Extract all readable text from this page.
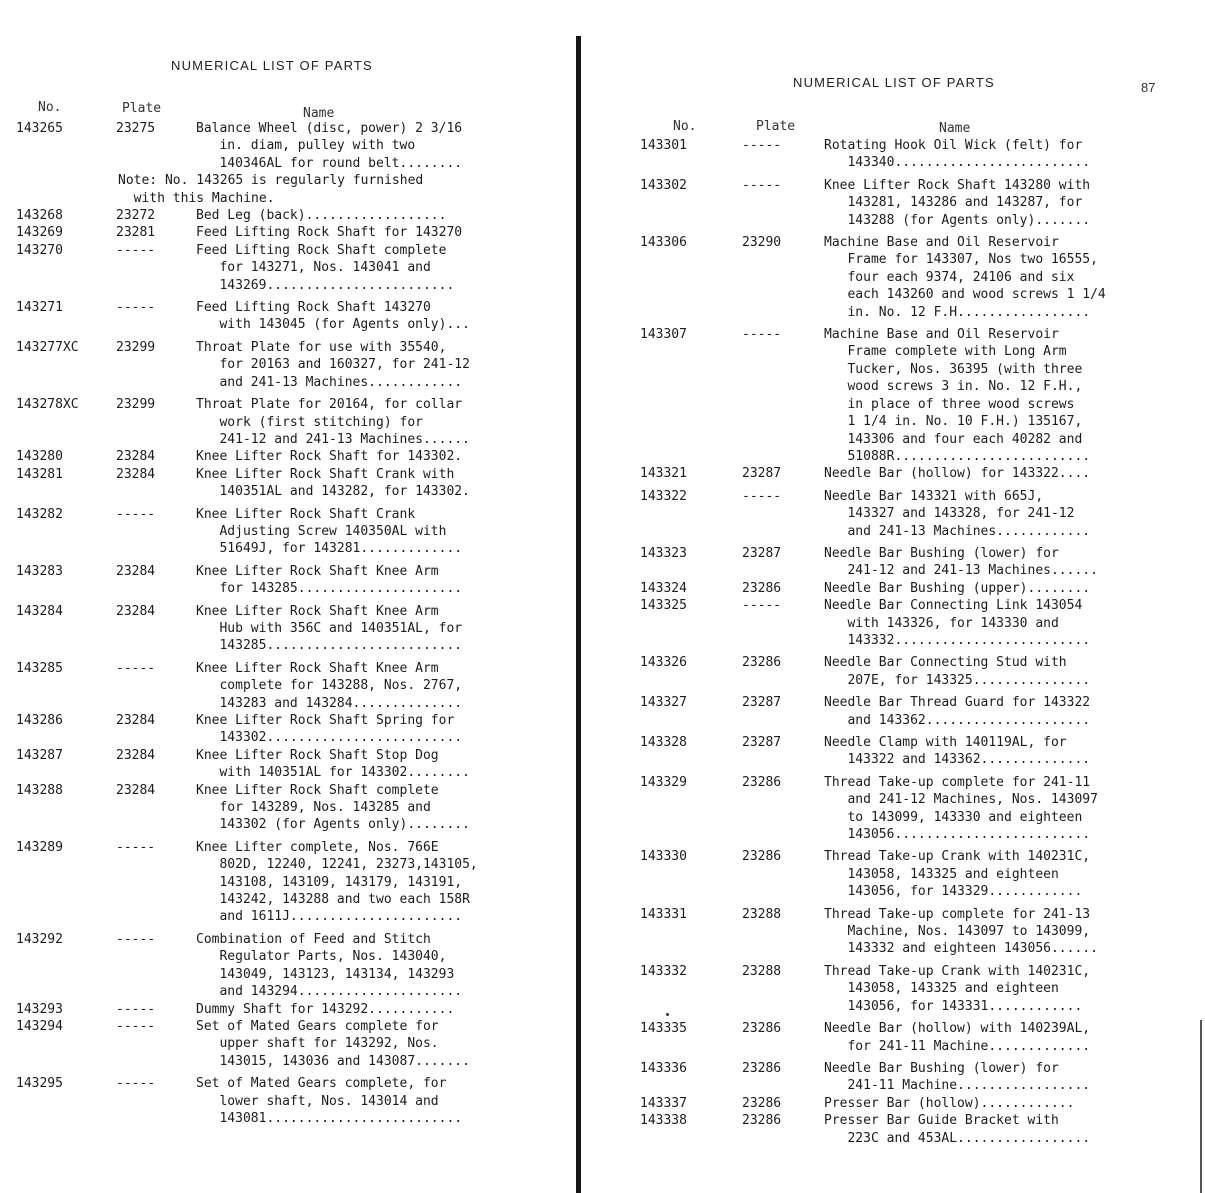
NUMERICAL LIST OF PARTS
No.	Plate	Name
143265	23275	Balance Wheel (disc, power) 2 3/16
in. diam, pulley with two
140346AL for round belt........
Note: No. 143265 is regularly furnished
with this Machine.
143268	23272	Bed Leg (back)..................
143269	23281	Feed Lifting Rock Shaft for 143270
143270	-----	Feed Lifting Rock Shaft complete
for 143271, Nos. 143041 and
143269........................
143271	-----	Feed Lifting Rock Shaft 143270
with 143045 (for Agents only)...
143277XC	23299	Throat Plate for use with 35540,
for 20163 and 160327, for 241-12
and 241-13 Machines............
143278XC	23299	Throat Plate for 20164, for collar
work (first stitching) for
241-12 and 241-13 Machines......
143280	23284	Knee Lifter Rock Shaft for 143302.
143281	23284	Knee Lifter Rock Shaft Crank with
140351AL and 143282, for 143302.
143282	-----	Knee Lifter Rock Shaft Crank
Adjusting Screw 140350AL with
51649J, for 143281.............
143283	23284	Knee Lifter Rock Shaft Knee Arm
for 143285.....................
143284	23284	Knee Lifter Rock Shaft Knee Arm
Hub with 356C and 140351AL, for
143285.........................
143285	-----	Knee Lifter Rock Shaft Knee Arm
complete for 143288, Nos. 2767,
143283 and 143284..............
143286	23284	Knee Lifter Rock Shaft Spring for
143302.........................
143287	23284	Knee Lifter Rock Shaft Stop Dog
with 140351AL for 143302........
143288	23284	Knee Lifter Rock Shaft complete
for 143289, Nos. 143285 and
143302 (for Agents only)........
143289	-----	Knee Lifter complete, Nos. 766E
802D, 12240, 12241, 23273,143105,
143108, 143109, 143179, 143191,
143242, 143288 and two each 158R
and 1611J......................
143292	-----	Combination of Feed and Stitch
Regulator Parts, Nos. 143040,
143049, 143123, 143134, 143293
and 143294.....................
143293	-----	Dummy Shaft for 143292...........
143294	-----	Set of Mated Gears complete for
upper shaft for 143292, Nos.
143015, 143036 and 143087.......
143295	-----	Set of Mated Gears complete, for
lower shaft, Nos. 143014 and
143081.........................
NUMERICAL LIST OF PARTS	87
No.	Plate	Name
143301	-----	Rotating Hook Oil Wick (felt) for
143340.........................
143302	-----	Knee Lifter Rock Shaft 143280 with
143281, 143286 and 143287, for
143288 (for Agents only).......
143306	23290	Machine Base and Oil Reservoir
Frame for 143307, Nos two 16555,
four each 9374, 24106 and six
each 143260 and wood screws 1 1/4
in. No. 12 F.H.................
143307	-----	Machine Base and Oil Reservoir
Frame complete with Long Arm
Tucker, Nos. 36395 (with three
wood screws 3 in. No. 12 F.H.,
in place of three wood screws
1 1/4 in. No. 10 F.H.) 135167,
143306 and four each 40282 and
51088R.........................
143321	23287	Needle Bar (hollow) for 143322....
143322	-----	Needle Bar 143321 with 665J,
143327 and 143328, for 241-12
and 241-13 Machines............
143323	23287	Needle Bar Bushing (lower) for
241-12 and 241-13 Machines......
143324	23286	Needle Bar Bushing (upper)........
143325	-----	Needle Bar Connecting Link 143054
with 143326, for 143330 and
143332.........................
143326	23286	Needle Bar Connecting Stud with
207E, for 143325...............
143327	23287	Needle Bar Thread Guard for 143322
and 143362.....................
143328	23287	Needle Clamp with 140119AL, for
143322 and 143362..............
143329	23286	Thread Take-up complete for 241-11
and 241-12 Machines, Nos. 143097
to 143099, 143330 and eighteen
143056.........................
143330	23286	Thread Take-up Crank with 140231C,
143058, 143325 and eighteen
143056, for 143329............
143331	23288	Thread Take-up complete for 241-13
Machine, Nos. 143097 to 143099,
143332 and eighteen 143056......
143332	23288	Thread Take-up Crank with 140231C,
143058, 143325 and eighteen
143056, for 143331............
143335	23286	Needle Bar (hollow) with 140239AL,
for 241-11 Machine.............
143336	23286	Needle Bar Bushing (lower) for
241-11 Machine.................
143337	23286	Presser Bar (hollow)............
143338	23286	Presser Bar Guide Bracket with
223C and 453AL.................
